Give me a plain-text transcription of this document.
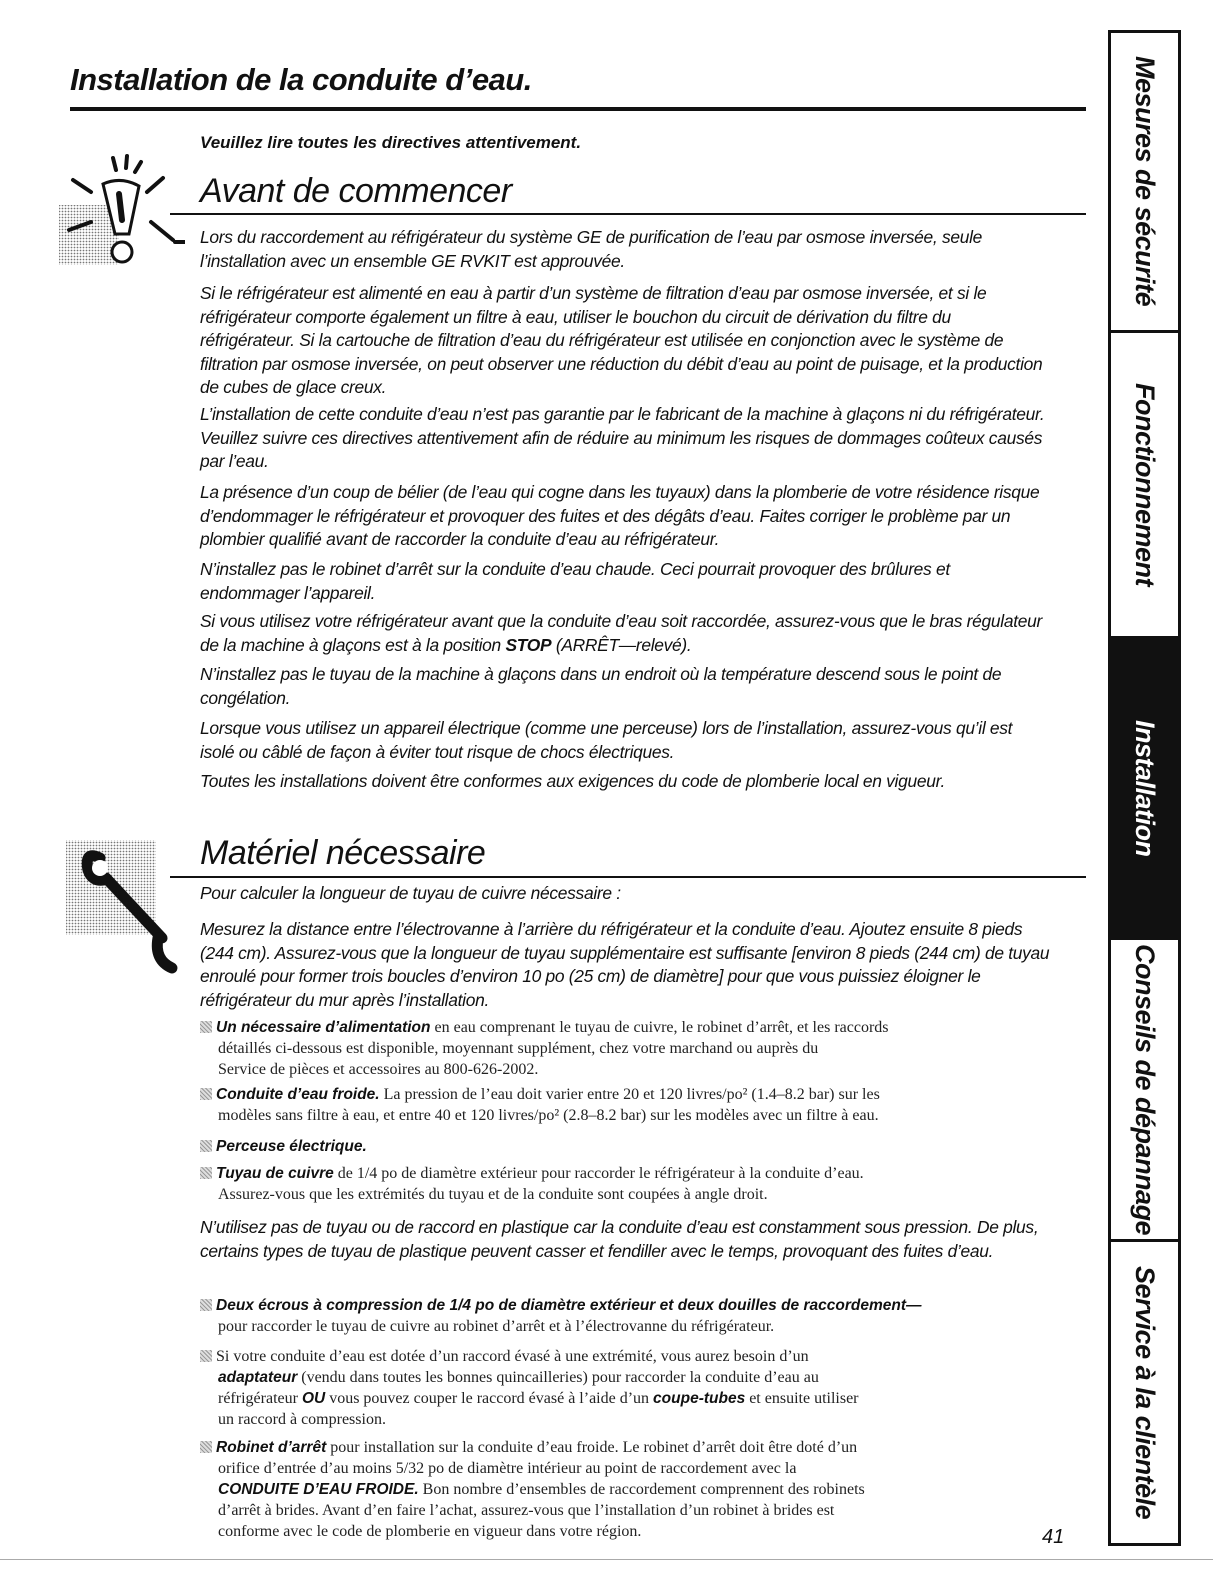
Installation de la conduite d’eau.

Veuillez lire toutes les directives attentivement.

Avant de commencer

Lors du raccordement au réfrigérateur du système GE de purification de l’eau par osmose inversée, seule l’installation avec un ensemble GE RVKIT est approuvée.

Si le réfrigérateur est alimenté en eau à partir d’un système de filtration d’eau par osmose inversée, et si le réfrigérateur comporte également un filtre à eau, utiliser le bouchon du circuit de dérivation du filtre du réfrigérateur. Si la cartouche de filtration d’eau du réfrigérateur est utilisée en conjonction avec le système de filtration par osmose inversée, on peut observer une réduction du débit d’eau au point de puisage, et la production de cubes de glace creux.

L’installation de cette conduite d’eau n’est pas garantie par le fabricant de la machine à glaçons ni du réfrigérateur. Veuillez suivre ces directives attentivement afin de réduire au minimum les risques de dommages coûteux causés par l’eau.

La présence d’un coup de bélier (de l’eau qui cogne dans les tuyaux) dans la plomberie de votre résidence risque d’endommager le réfrigérateur et provoquer des fuites et des dégâts d’eau. Faites corriger le problème par un plombier qualifié avant de raccorder la conduite d’eau au réfrigérateur.

N’installez pas le robinet d’arrêt sur la conduite d’eau chaude. Ceci pourrait provoquer des brûlures et endommager l’appareil.

Si vous utilisez votre réfrigérateur avant que la conduite d’eau soit raccordée, assurez-vous que le bras régulateur de la machine à glaçons est à la position STOP (ARRÊT—relevé).

N’installez pas le tuyau de la machine à glaçons dans un endroit où la température descend sous le point de congélation.

Lorsque vous utilisez un appareil électrique (comme une perceuse) lors de l’installation, assurez-vous qu’il est isolé ou câblé de façon à éviter tout risque de chocs électriques.

Toutes les installations doivent être conformes aux exigences du code de plomberie local en vigueur.

Matériel nécessaire

Pour calculer la longueur de tuyau de cuivre nécessaire :

Mesurez la distance entre l’électrovanne à l’arrière du réfrigérateur et la conduite d’eau. Ajoutez ensuite 8 pieds (244 cm). Assurez-vous que la longueur de tuyau supplémentaire est suffisante [environ 8 pieds (244 cm) de tuyau enroulé pour former trois boucles d’environ 10 po (25 cm) de diamètre] pour que vous puissiez éloigner le réfrigérateur du mur après l’installation.

Un nécessaire d’alimentation en eau comprenant le tuyau de cuivre, le robinet d’arrêt, et les raccords
détaillés ci-dessous est disponible, moyennant supplément, chez votre marchand ou auprès du
Service de pièces et accessoires au 800-626-2002.
Conduite d’eau froide. La pression de l’eau doit varier entre 20 et 120 livres/po² (1.4–8.2 bar) sur les
modèles sans filtre à eau, et entre 40 et 120 livres/po² (2.8–8.2 bar) sur les modèles avec un filtre à eau.
Perceuse électrique.
Tuyau de cuivre de 1/4 po de diamètre extérieur pour raccorder le réfrigérateur à la conduite d’eau.
Assurez-vous que les extrémités du tuyau et de la conduite sont coupées à angle droit.

N’utilisez pas de tuyau ou de raccord en plastique car la conduite d’eau est constamment sous pression. De plus, certains types de tuyau de plastique peuvent casser et fendiller avec le temps, provoquant des fuites d’eau.

Deux écrous à compression de 1/4 po de diamètre extérieur et deux douilles de raccordement—
pour raccorder le tuyau de cuivre au robinet d’arrêt et à l’électrovanne du réfrigérateur.
Si votre conduite d’eau est dotée d’un raccord évasé à une extrémité, vous aurez besoin d’un
adaptateur (vendu dans toutes les bonnes quincailleries) pour raccorder la conduite d’eau au
réfrigérateur OU vous pouvez couper le raccord évasé à l’aide d’un coupe-tubes et ensuite utiliser
un raccord à compression.
Robinet d’arrêt pour installation sur la conduite d’eau froide. Le robinet d’arrêt doit être doté d’un
orifice d’entrée d’au moins 5/32 po de diamètre intérieur au point de raccordement avec la
CONDUITE D’EAU FROIDE. Bon nombre d’ensembles de raccordement comprennent des robinets
d’arrêt à brides. Avant d’en faire l’achat, assurez-vous que l’installation d’un robinet à brides est
conforme avec le code de plomberie en vigueur dans votre région.
Mesures de sécurité
Fonctionnement
Installation
Conseils de dépannage
Service à la clientèle

41
